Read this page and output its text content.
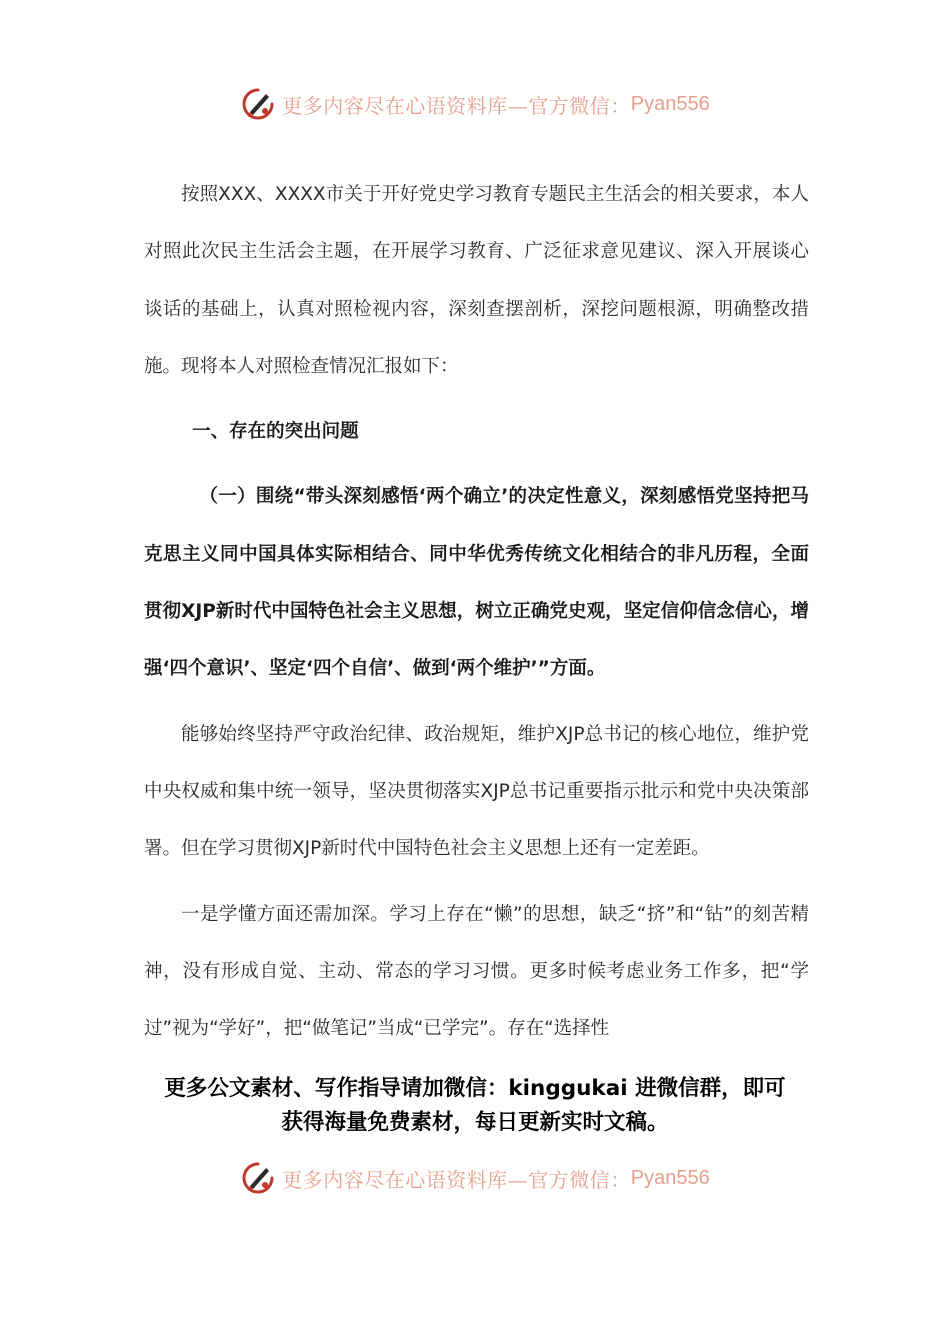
更多内容尽在心语资料库—官方微信： Pyan556

按照XXX、XXXX市关于开好党史学习教育专题民主生活会的相关要求，本人对照此次民主生活会主题，在开展学习教育、广泛征求意见建议、深入开展谈心谈话的基础上，认真对照检视内容，深刻查摆剖析，深挖问题根源，明确整改措施。现将本人对照检查情况汇报如下：

一、存在的突出问题

（一）围绕“带头深刻感悟‘两个确立’的决定性意义，深刻感悟党坚持把马克思主义同中国具体实际相结合、同中华优秀传统文化相结合的非凡历程，全面贯彻XJP新时代中国特色社会主义思想，树立正确党史观，坚定信仰信念信心，增强‘四个意识’、坚定‘四个自信’、做到‘两个维护’”方面。

能够始终坚持严守政治纪律、政治规矩，维护XJP总书记的核心地位，维护党中央权威和集中统一领导，坚决贯彻落实XJP总书记重要指示批示和党中央决策部署。但在学习贯彻XJP新时代中国特色社会主义思想上还有一定差距。

一是学懂方面还需加深。学习上存在“懒”的思想，缺乏“挤”和“钻”的刻苦精神，没有形成自觉、主动、常态的学习习惯。更多时候考虑业务工作多，把“学过”视为“学好”，把“做笔记”当成“已学完”。存在“选择性

更多公文素材、写作指导请加微信：kinggukai 进微信群，即可
获得海量免费素材，每日更新实时文稿。
更多内容尽在心语资料库—官方微信： Pyan556
